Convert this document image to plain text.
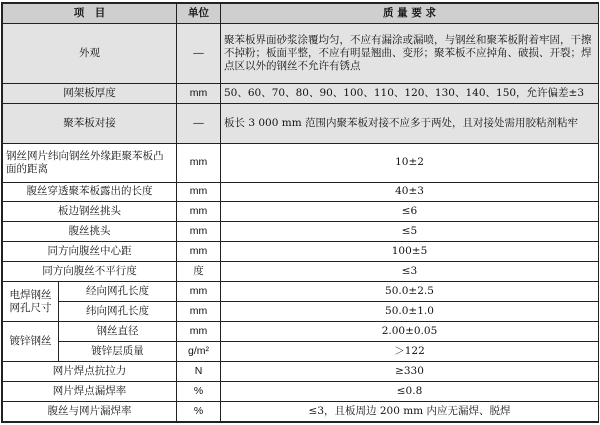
项　目		单位	质 量 要 求
外观		—	聚苯板界面砂浆涂覆均匀，不应有漏涂或漏喷，与钢丝和聚苯板附着牢固，干擦不掉粉；板面平整，不应有明显翘曲、变形；聚苯板不应掉角、破损、开裂；焊点区以外的钢丝不允许有锈点
网架板厚度		mm	50、60、70、80、90、100、110、120、130、140、150，允许偏差±3
聚苯板对接		—	板长 3 000 mm 范围内聚苯板对接不应多于两处，且对接处需用胶粘剂粘牢
钢丝网片纬向钢丝外缘距聚苯板凸面的距离		mm	10±2
腹丝穿透聚苯板露出的长度		mm	40±3
板边钢丝挑头		mm	≤6
腹丝挑头		mm	≤5
同方向腹丝中心距		mm	100±5
同方向腹丝不平行度		度	≤3
电焊钢丝网孔尺寸	经向网孔长度	mm	50.0±2.5
	纬向网孔长度	mm	50.0±1.0
镀锌钢丝	钢丝直径	mm	2.00±0.05
	镀锌层质量	g/m²	＞122
网片焊点抗拉力		N	≥330
网片焊点漏焊率		%	≤0.8
腹丝与网片漏焊率		%	≤3，且板周边 200 mm 内应无漏焊、脱焊
